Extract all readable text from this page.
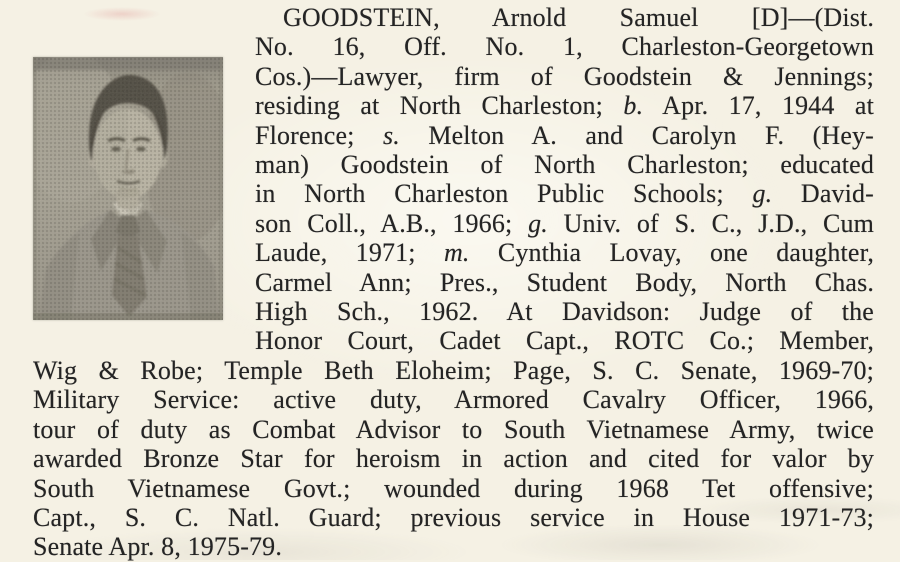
GOODSTEIN, Arnold Samuel [D]—(Dist.
No. 16, Off. No. 1, Charleston-Georgetown
Cos.)—Lawyer, firm of Goodstein & Jennings;
residing at North Charleston; b. Apr. 17, 1944 at
Florence; s. Melton A. and Carolyn F. (Hey-
man) Goodstein of North Charleston; educated
in North Charleston Public Schools; g. David-
son Coll., A.B., 1966; g. Univ. of S. C., J.D., Cum
Laude, 1971; m. Cynthia Lovay, one daughter,
Carmel Ann; Pres., Student Body, North Chas.
High Sch., 1962. At Davidson: Judge of the
Honor Court, Cadet Capt., ROTC Co.; Member,
Wig & Robe; Temple Beth Eloheim; Page, S. C. Senate, 1969-70;
Military Service: active duty, Armored Cavalry Officer, 1966,
tour of duty as Combat Advisor to South Vietnamese Army, twice
awarded Bronze Star for heroism in action and cited for valor by
South Vietnamese Govt.; wounded during 1968 Tet offensive;
Capt., S. C. Natl. Guard; previous service in House 1971-73;
Senate Apr. 8, 1975-79.
